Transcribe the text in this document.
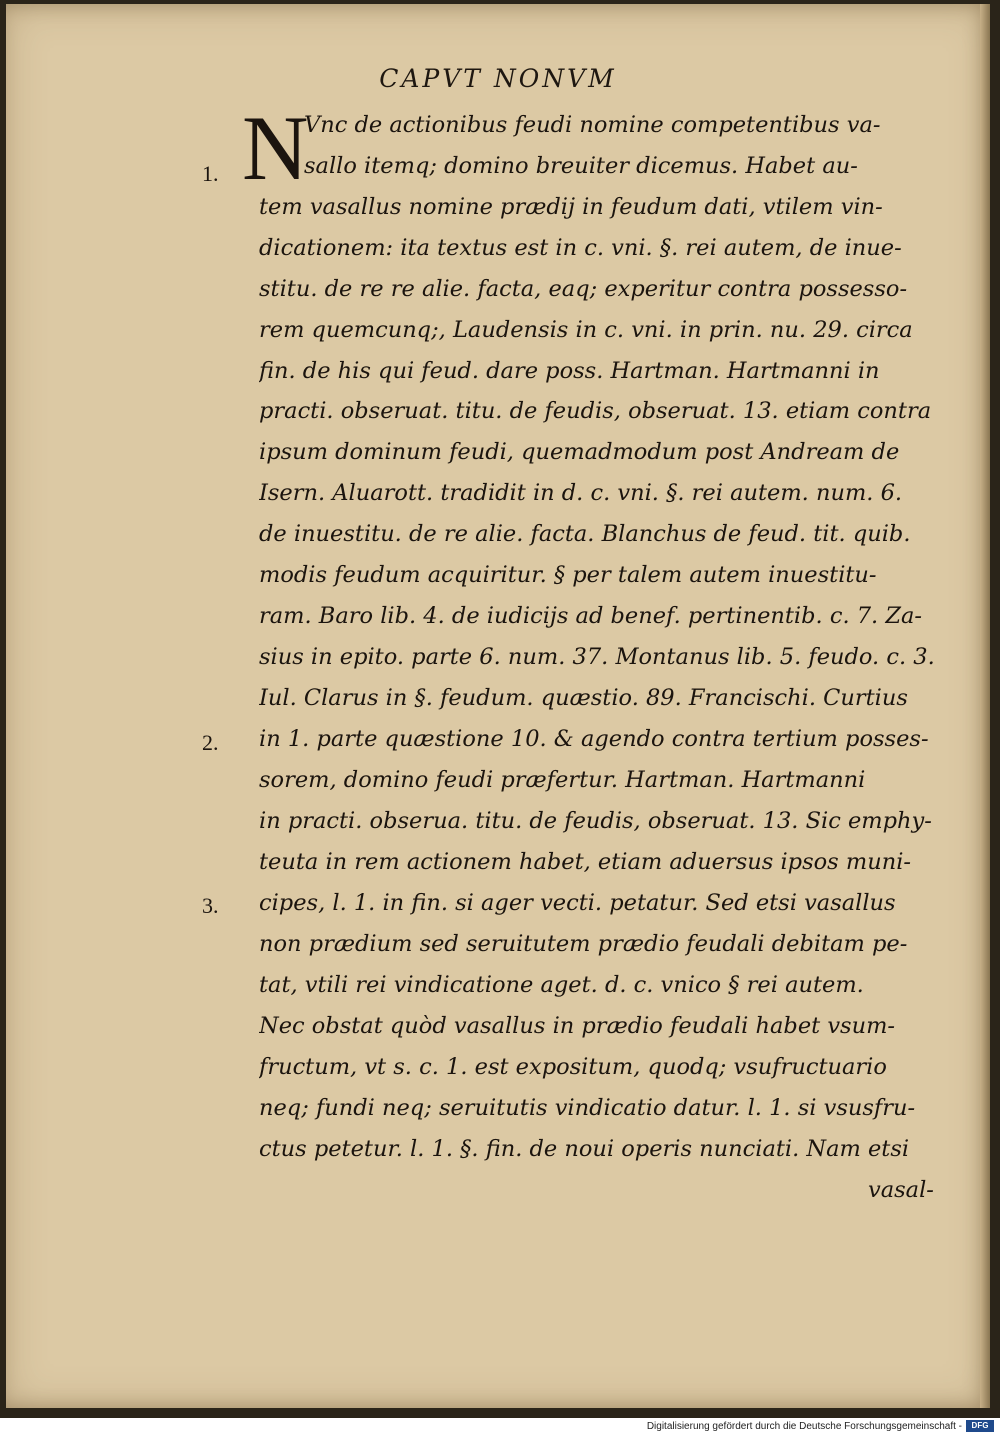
CAPVT NONVM
N
1.
2.
3.
Vnc de actionibus feudi nomine competentibus va-
sallo itemq; domino breuiter dicemus. Habet au-
tem vasallus nomine prædij in feudum dati, vtilem vin-
dicationem: ita textus est in c. vni. §. rei autem, de inue-
stitu. de re re alie. facta, eaq; experitur contra possesso-
rem quemcunq;, Laudensis in c. vni. in prin. nu. 29. circa
fin. de his qui feud. dare poss. Hartman. Hartmanni in
practi. obseruat. titu. de feudis, obseruat. 13. etiam contra
ipsum dominum feudi, quemadmodum post Andream de
Isern. Aluarott. tradidit in d. c. vni. §. rei autem. num. 6.
de inuestitu. de re alie. facta. Blanchus de feud. tit. quib.
modis feudum acquiritur. § per talem autem inuestitu-
ram. Baro lib. 4. de iudicijs ad benef. pertinentib. c. 7. Za-
sius in epito. parte 6. num. 37. Montanus lib. 5. feudo. c. 3.
Iul. Clarus in §. feudum. quæstio. 89. Francischi. Curtius
in 1. parte quæstione 10. & agendo contra tertium posses-
sorem, domino feudi præfertur. Hartman. Hartmanni
in practi. obserua. titu. de feudis, obseruat. 13. Sic emphy-
teuta in rem actionem habet, etiam aduersus ipsos muni-
cipes, l. 1. in fin. si ager vecti. petatur. Sed etsi vasallus
non prædium sed seruitutem prædio feudali debitam pe-
tat, vtili rei vindicatione aget. d. c. vnico § rei autem.
Nec obstat quòd vasallus in prædio feudali habet vsum-
fructum, vt s. c. 1. est expositum, quodq; vsufructuario
neq; fundi neq; seruitutis vindicatio datur. l. 1. si vsusfru-
ctus petetur. l. 1. §. fin. de noui operis nunciati. Nam etsi
vasal-
Digitalisierung gefördert durch die Deutsche Forschungsgemeinschaft -	DFG
